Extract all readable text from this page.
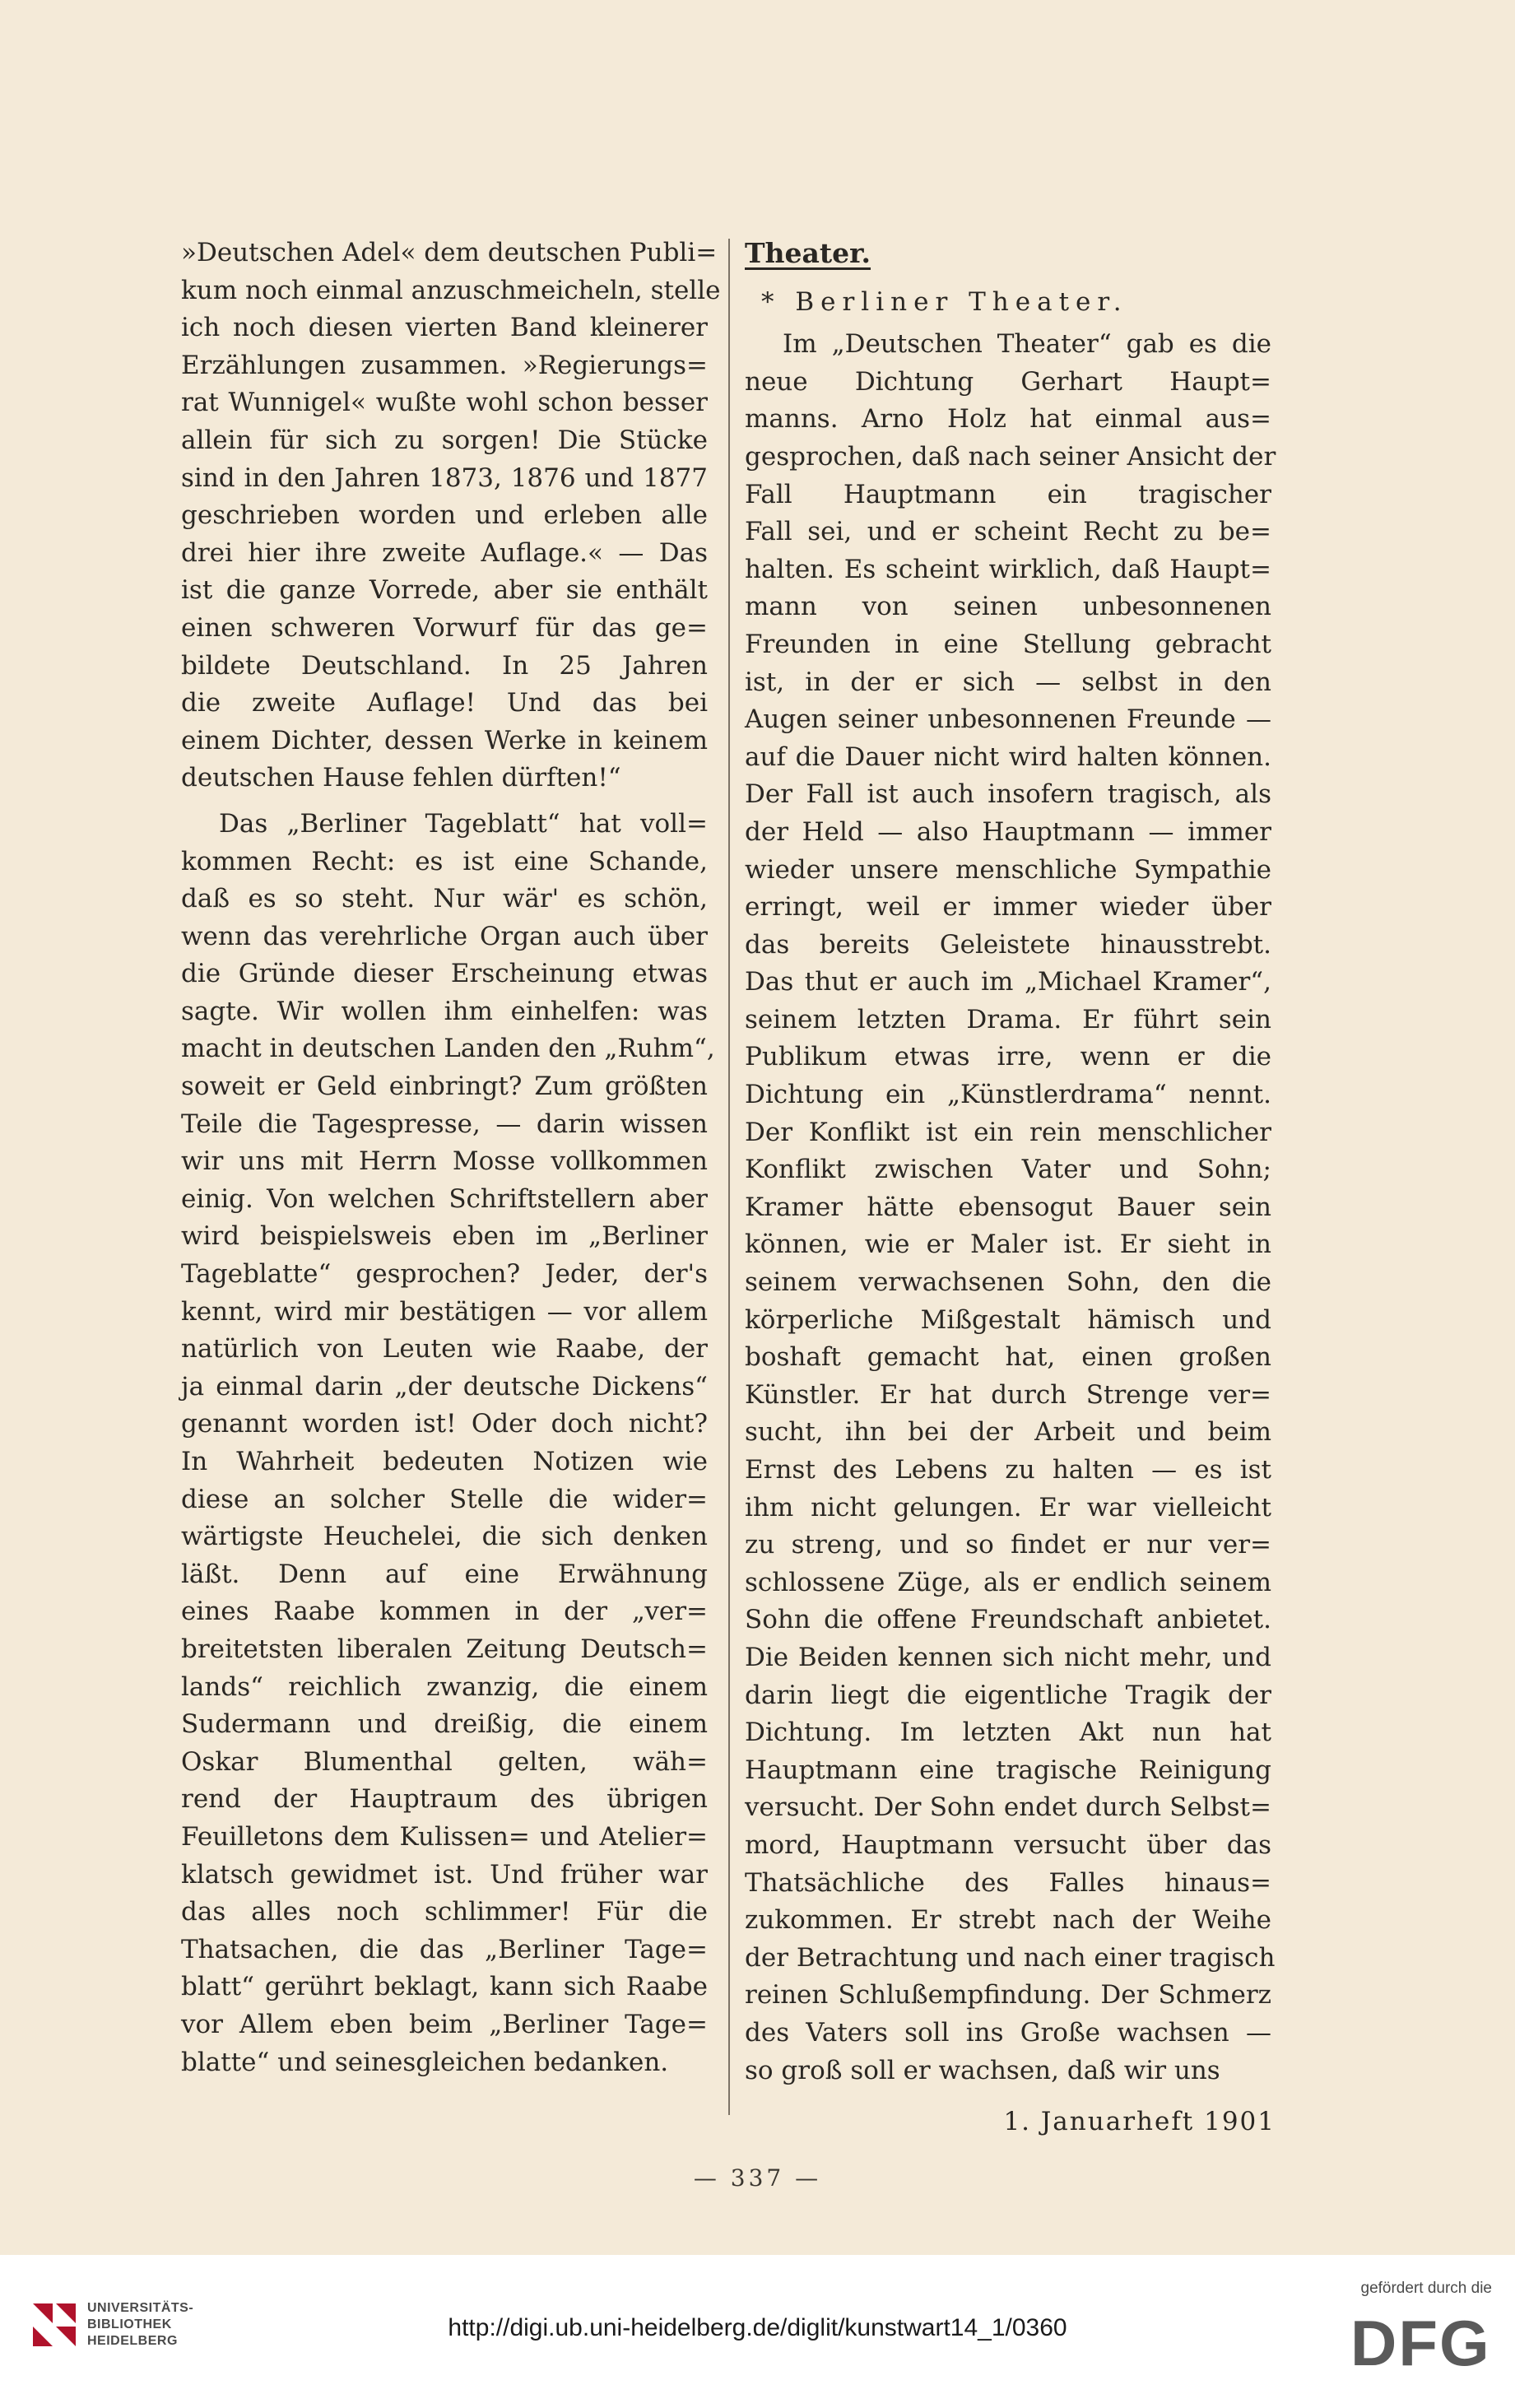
»Deutschen Adel« dem deutschen Publi=
kum noch einmal anzuschmeicheln, stelle
ich noch diesen vierten Band kleinerer
Erzählungen zusammen. »Regierungs=
rat Wunnigel« wußte wohl schon besser
allein für sich zu sorgen! Die Stücke
sind in den Jahren 1873, 1876 und 1877
geschrieben worden und erleben alle
drei hier ihre zweite Auflage.« — Das
ist die ganze Vorrede, aber sie enthält
einen schweren Vorwurf für das ge=
bildete Deutschland. In 25 Jahren
die zweite Auflage! Und das bei
einem Dichter, dessen Werke in keinem
deutschen Hause fehlen dürften!“
Das „Berliner Tageblatt“ hat voll=
kommen Recht: es ist eine Schande,
daß es so steht. Nur wär' es schön,
wenn das verehrliche Organ auch über
die Gründe dieser Erscheinung etwas
sagte. Wir wollen ihm einhelfen: was
macht in deutschen Landen den „Ruhm“,
soweit er Geld einbringt? Zum größten
Teile die Tagespresse, — darin wissen
wir uns mit Herrn Mosse vollkommen
einig. Von welchen Schriftstellern aber
wird beispielsweis eben im „Berliner
Tageblatte“ gesprochen? Jeder, der's
kennt, wird mir bestätigen — vor allem
natürlich von Leuten wie Raabe, der
ja einmal darin „der deutsche Dickens“
genannt worden ist! Oder doch nicht?
In Wahrheit bedeuten Notizen wie
diese an solcher Stelle die wider=
wärtigste Heuchelei, die sich denken
läßt. Denn auf eine Erwähnung
eines Raabe kommen in der „ver=
breitetsten liberalen Zeitung Deutsch=
lands“ reichlich zwanzig, die einem
Sudermann und dreißig, die einem
Oskar Blumenthal gelten, wäh=
rend der Hauptraum des übrigen
Feuilletons dem Kulissen= und Atelier=
klatsch gewidmet ist. Und früher war
das alles noch schlimmer! Für die
Thatsachen, die das „Berliner Tage=
blatt“ gerührt beklagt, kann sich Raabe
vor Allem eben beim „Berliner Tage=
blatte“ und seinesgleichen bedanken.
Theater.
* Berliner Theater.
Im „Deutschen Theater“ gab es die
neue Dichtung Gerhart Haupt=
manns. Arno Holz hat einmal aus=
gesprochen, daß nach seiner Ansicht der
Fall Hauptmann ein tragischer
Fall sei, und er scheint Recht zu be=
halten. Es scheint wirklich, daß Haupt=
mann von seinen unbesonnenen
Freunden in eine Stellung gebracht
ist, in der er sich — selbst in den
Augen seiner unbesonnenen Freunde —
auf die Dauer nicht wird halten können.
Der Fall ist auch insofern tragisch, als
der Held — also Hauptmann — immer
wieder unsere menschliche Sympathie
erringt, weil er immer wieder über
das bereits Geleistete hinausstrebt.
Das thut er auch im „Michael Kramer“,
seinem letzten Drama. Er führt sein
Publikum etwas irre, wenn er die
Dichtung ein „Künstlerdrama“ nennt.
Der Konflikt ist ein rein menschlicher
Konflikt zwischen Vater und Sohn;
Kramer hätte ebensogut Bauer sein
können, wie er Maler ist. Er sieht in
seinem verwachsenen Sohn, den die
körperliche Mißgestalt hämisch und
boshaft gemacht hat, einen großen
Künstler. Er hat durch Strenge ver=
sucht, ihn bei der Arbeit und beim
Ernst des Lebens zu halten — es ist
ihm nicht gelungen. Er war vielleicht
zu streng, und so findet er nur ver=
schlossene Züge, als er endlich seinem
Sohn die offene Freundschaft anbietet.
Die Beiden kennen sich nicht mehr, und
darin liegt die eigentliche Tragik der
Dichtung. Im letzten Akt nun hat
Hauptmann eine tragische Reinigung
versucht. Der Sohn endet durch Selbst=
mord, Hauptmann versucht über das
Thatsächliche des Falles hinaus=
zukommen. Er strebt nach der Weihe
der Betrachtung und nach einer tragisch
reinen Schlußempfindung. Der Schmerz
des Vaters soll ins Große wachsen —
so groß soll er wachsen, daß wir uns
1. Januarheft 1901
— 337 —
UNIVERSITÄTS-
BIBLIOTHEK
HEIDELBERG	http://digi.ub.uni-heidelberg.de/diglit/kunstwart14_1/0360
gefördert durch die
DFG
